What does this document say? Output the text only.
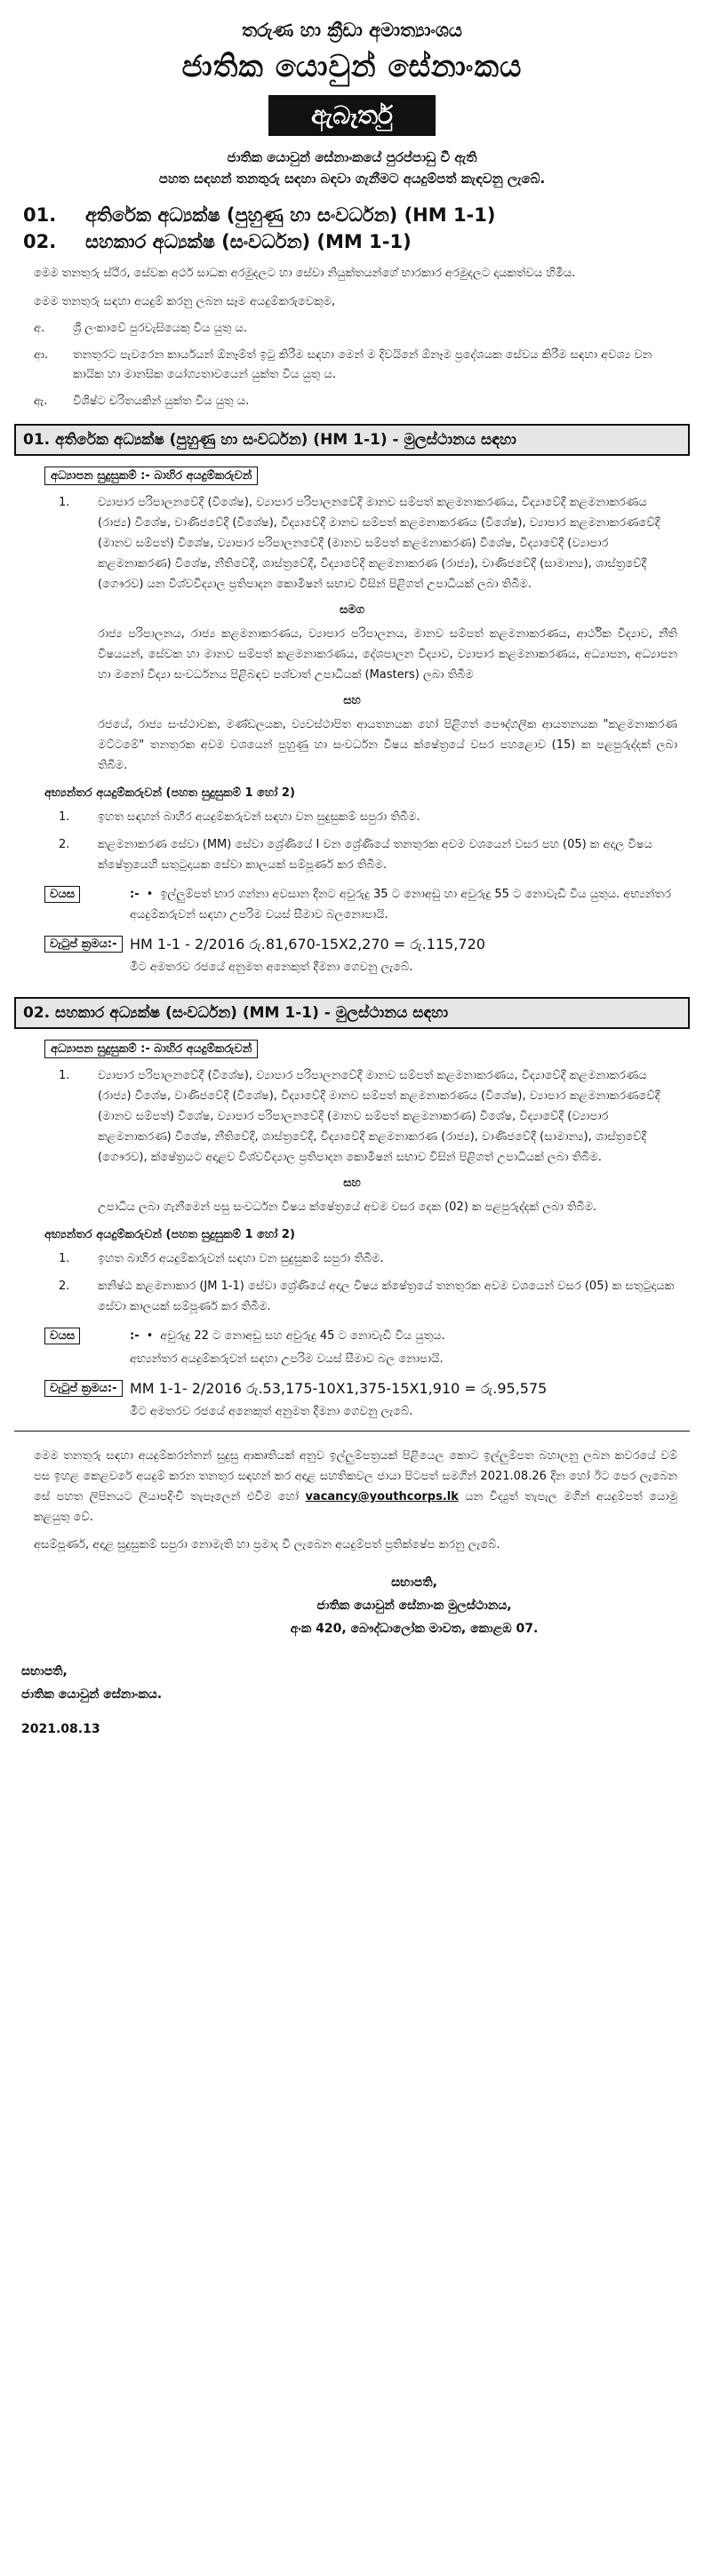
තරුණ හා ක්‍රීඩා අමාත්‍යාංශය
ජාතික යොවුන් සේනාංකය
ඇබෑර්තු
ජාතික යොවුන් සේනාංකයේ පුරප්පාඩු වී ඇති
පහත සඳහන් තනතුරු සඳහා බඳවා ගැනීමට අයදුම්පත් කැඳවනු ලැබේ.
01.	අතිරේක අධ්‍යක්ෂ (පුහුණු හා සංවර්ධන) (HM 1-1)
02.	සහකාර අධ්‍යක්ෂ (සංවර්ධන) (MM 1-1)
මෙම තනතුරු ස්ථිර, සේවක අර්ථ සාධක අරමුදලට හා සේවා නියුක්තයන්ගේ භාරකාර අරමුදලට දායකත්වය හිමිය.
මෙම තනතුරු සඳහා අයදුම් කරනු ලබන සෑම අයදුම්කරුවෙකුම,
අ.	ශ්‍රී ලංකාවේ පුරවැසියෙකු විය යුතු ය.
ආ.	තනතුරට පැවරෙන කාර්යයන් ඕනෑම්ත් ඉටු කිරීම සඳහා මෙන් ම දිවයිනේ ඕනෑම ප්‍රදේශයක සේවය කිරීම සඳහා අවශ්‍ය වන කායික හා මානසික යෝග්‍යතාවයෙන් යුක්ත විය යුතු ය.
ඇ.	විශිෂ්ට චරිතයකින් යුක්ත විය යුතු ය.
01. අතිරේක අධ්‍යක්ෂ (පුහුණු හා සංවර්ධන) (HM 1-1) - මුලස්ථානය සඳහා
අධ්‍යාපන සුදුසුකම් :- බාහිර අයදුම්කරුවන්
1.	ව්‍යාපාර පරිපාලනවේදී (විශේෂ), ව්‍යාපාර පරිපාලනවේදී මානව සම්පත් කළමනාකරණය, විද්‍යාවේදී කළමනාකරණය (රාජ්‍ය) විශේෂ, වාණිජවේදී (විශේෂ), විද්‍යාවේදී මානව සම්පත් කළමනාකරණය (විශේෂ), ව්‍යාපාර කළමනාකරණවේදී (මානව සම්පත්) විශේෂ, ව්‍යාපාර පරිපාලනවේදී (මානව සම්පත් කළමනාකරණ) විශේෂ, විද්‍යාවේදී (ව්‍යාපාර කළමනාකරණ) විශේෂ, නීතිවේදී, ශාස්ත්‍රවේදී, විද්‍යාවේදී කළමනාකරණ (රාජ්‍ය), වාණිජවේදී (සාමාන්‍ය), ශාස්ත්‍රවේදී (ගෞරව) යන විශ්වවිද්‍යාල ප්‍රතිපාදන කොමිෂන් සභාව විසින් පිළිගත් උපාධියක් ලබා තිබීම.
සමග
රාජ්‍ය පරිපාලනය, රාජ්‍ය කළමනාකරණය, ව්‍යාපාර පරිපාලනය, මානව සම්පත් කළමනාකරණය, ආර්ථික විද්‍යාව, නීති විෂයයන්, සේවක හා මානව සම්පත් කළමනාකරණය, දේශපාලන විද්‍යාව, ව්‍යාපාර කළමනාකරණය, අධ්‍යාපන, අධ්‍යාපන හා මනෝ විද්‍යා සංවර්ධනය පිළිබඳව පශ්චාත් උපාධියක් (Masters) ලබා තිබීම
සහ
රජයේ, රාජ්‍ය සංස්ථාවක, මණ්ඩලයක, ව්‍යවස්ථාපිත ආයතනයක හෝ පිළිගත් පෞද්ගලික ආයතනයක "කළමනාකරණ මට්ටමේ" තනතුරක අවම වශයෙන් පුහුණු හා සංවර්ධන විෂය ක්ෂේත්‍රයේ වසර පහළොව (15) ක පළපුරුද්දක් ලබා තිබීම.
අභ්‍යන්තර අයදුම්කරුවන් (පහත සුදුසුකම් 1 හෝ 2)
1.	ඉහත සඳහන් බාහිර අයදුම්කරුවන් සඳහා වන සුදුසුකම් සපුරා තිබීම.
2.	කළමනාකරණ සේවා (MM) සේවා ශ්‍රේණියේ I වන ශ්‍රේණියේ තනතුරක අවම වශයෙන් වසර පහ (05) ක අදාල විෂය ක්ෂේත්‍රයෙහි සතුටුදායක සේවා කාලයක් සම්පූර්ණ කර තිබීම.
වයස	:- • ඉල්ලුම්පත් භාර ගන්නා අවසාන දිනට අවුරුදු 35 ට නොඅඩු හා අවුරුදු 55 ට නොවැඩි විය යුතුය. අභ්‍යන්තර අයදුම්කරුවන් සඳහා උපරිම වයස් සීමාව බලනොපායි.
වැටුප් ක්‍රමය:- HM 1-1 - 2/2016 රු.81,670-15X2,270 = රු.115,720
මීට අමතරව රජයේ අනුමත අනෙකුත් දීමනා ගෙවනු ලැබේ.
02. සහකාර අධ්‍යක්ෂ (සංවර්ධන) (MM 1-1) - මුලස්ථානය සඳහා
අධ්‍යාපන සුදුසුකම් :- බාහිර අයදුම්කරුවන්
1.	ව්‍යාපාර පරිපාලනවේදී (විශේෂ), ව්‍යාපාර පරිපාලනවේදී මානව සම්පත් කළමනාකරණය, විද්‍යාවේදී කළමනාකරණය (රාජ්‍ය) විශේෂ, වාණිජවේදී (විශේෂ), විද්‍යාවේදී මානව සම්පත් කළමනාකරණය (විශේෂ), ව්‍යාපාර කළමනාකරණවේදී (මානව සම්පත්) විශේෂ, ව්‍යාපාර පරිපාලනවේදී (මානව සම්පත් කළමනාකරණ) විශේෂ, විද්‍යාවේදී (ව්‍යාපාර කළමනාකරණ) විශේෂ, නීතිවේදී, ශාස්ත්‍රවේදී, විද්‍යාවේදී කළමනාකරණ (රාජ්‍ය), වාණිජවේදී (සාමාන්‍ය), ශාස්ත්‍රවේදී (ගෞරව), ක්ෂේත්‍රයට අදාළව විශ්වවිද්‍යාල ප්‍රතිපාදන කොමිෂන් සභාව විසින් පිළිගත් උපාධියක් ලබා තිබීම.
සහ
උපාධිය ලබා ගැනීමෙන් පසු සංවර්ධන විෂය ක්ෂේත්‍රයේ අවම වසර දෙක (02) ක පළපුරුද්දක් ලබා තිබීම.
අභ්‍යන්තර අයදුම්කරුවන් (පහත සුදුසුකම් 1 හෝ 2)
1.	ඉහත බාහිර අයදුම්කරුවන් සඳහා වන සුදුසුකම් සපුරා තිබීම.
2.	කනිෂ්ඨ කළමනාකාර (JM 1-1) සේවා ශ්‍රේණියේ අදාල විෂය ක්ෂේත්‍රයේ තනතුරක අවම වශයෙන් වසර (05) ක සතුටුදායක සේවා කාලයක් සම්පූර්ණ කර තිබීම.
වයස	:- • අවුරුදු 22 ට නොඅඩු සහ අවුරුදු 45 ට නොවැඩි විය යුතුය.
අභ්‍යන්තර අයදුම්කරුවන් සඳහා උපරිම වයස් සීමාව බල නොපායි.
වැටුප් ක්‍රමය:- MM 1-1- 2/2016 රු.53,175-10X1,375-15X1,910 = රු.95,575
මීට අමතරව රජයේ අනෙකුත් අනුමත දීමනා ගෙවනු ලැබේ.
මෙම තනතුරු සඳහා අයදුම්කරන්නන් සුදුසු ආකෘතියක් අනුව ඉල්ලුම්පත්‍රයක් පිළියෙල කොට ඉල්ලුම්පත බහාලනු ලබන කවරයේ වම් පස ඉහළ කෙළවරේ අයදුම් කරන තනතුර සඳහන් කර අදාළ සහතිකවල ජායා පිටපත් සමගින් 2021.08.26 දින හෝ ඊට පෙර ලැබෙන සේ පහත ලිපිනයට ලියාපදිංචි තැපෑලෙන් එවීම හෝ vacancy@youthcorps.lk යන විද්‍යුත් තැපැල මගින් අයදුම්පත් යොමු කළයුතු වේ.
අසම්පූර්ණ, අදාළ සුදුසුකම් සපුරා නොමැති හා ප්‍රමාද වී ලැබෙන අයදුම්පත් ප්‍රතික්ෂේප කරනු ලැබේ.
සභාපති,
ජාතික යොවුන් සේනාංක මුලස්ථානය,
අංක 420, බෞද්ධාලෝක මාවත, කොළඹ 07.
සභාපති,
ජාතික යොවුන් සේනාංකය.
2021.08.13
